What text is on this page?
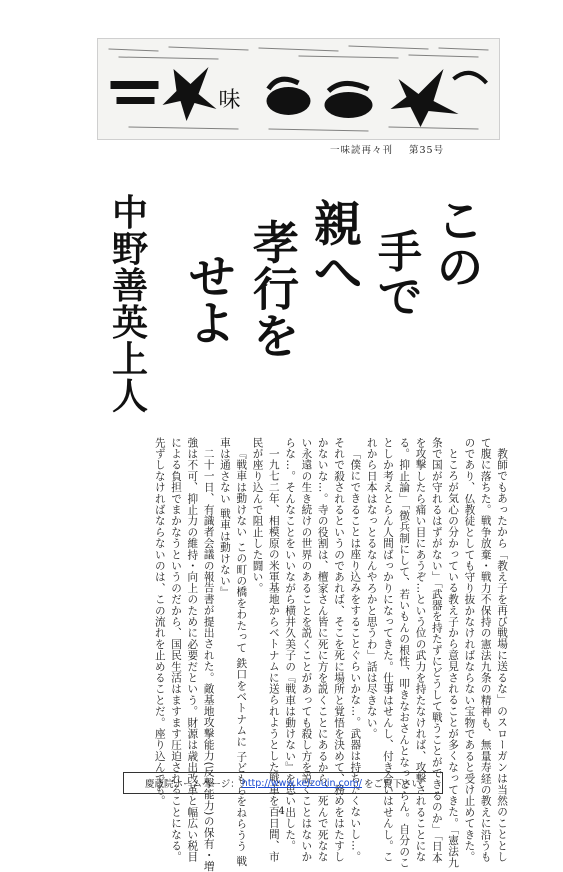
味
一味読再々刊 第35号
こ
の
手
で
親
へ
孝
行
を
せ
よ
中
野
善
英
上
人

教師でもあったから「教え子を再び戦場に送るな」のスローガンは当然のこととして腹に落ちた。戦争放棄・戦力不保持の憲法九条の精神も、無量寿経の教えに沿うものであり、仏教徒としても守り抜かなければならない宝物であると受け止めてきた。

ところが気心の分かっている教え子から意見されることが多くなってきた。「憲法九条で国が守れるはずがない」「武器を持たずにどうして戦うことができるのか」「日本を攻撃したら痛い目にあうぞ…という位の武力を持たなければ、攻撃されることになる。抑止論」「徴兵制にして、若いもんの根性、叩きなおさんとなっとらん。自分のことしか考えとらん人間ばっかりになってきた。仕事はせんし、付き合いはせんし。これから日本はなっとるなんやろかと思うわ」話は尽きない。

「僕にできることは座り込みをすることぐらいかな…。武器は持ちたくないし…。それで殺されるというのであれば、そこを死に場所と覚悟を決めて、務めをはたすしかないな…。寺の役割は、檀家さん皆に死に方を説くことにあるから、死んで死なない永遠の生き続けの世界のあることを説くことがあっても殺し方を説くことはないからな…。そんなことをいいながら横井久美子の『戦車は動けない』を思い出した。

一九七二年、相模原の米軍基地からベトナムに送られようとした戦車を百日間、市民が座り込んで阻止した闘い。

『戦車は動けない この町の橋をわたって 鉄口をベトナムに 子どもらをねらうう 戦車は通さない 戦車は動けない』

二十一日、有識者会議の報告書が提出された。敵基地攻撃能力(反撃能力)の保有・増強は不可、抑止力の維持・向上のために必要だという。財源は歳出改革と幅広い税目による負担でまかなうというのだから、国民生活はますます圧迫されることになる。先ずしなければならないのは、この流れを止めることだ。座り込んでも。

慶蔵院ホームページ： http://www.keizouin.com/ をご覧下さい
4
